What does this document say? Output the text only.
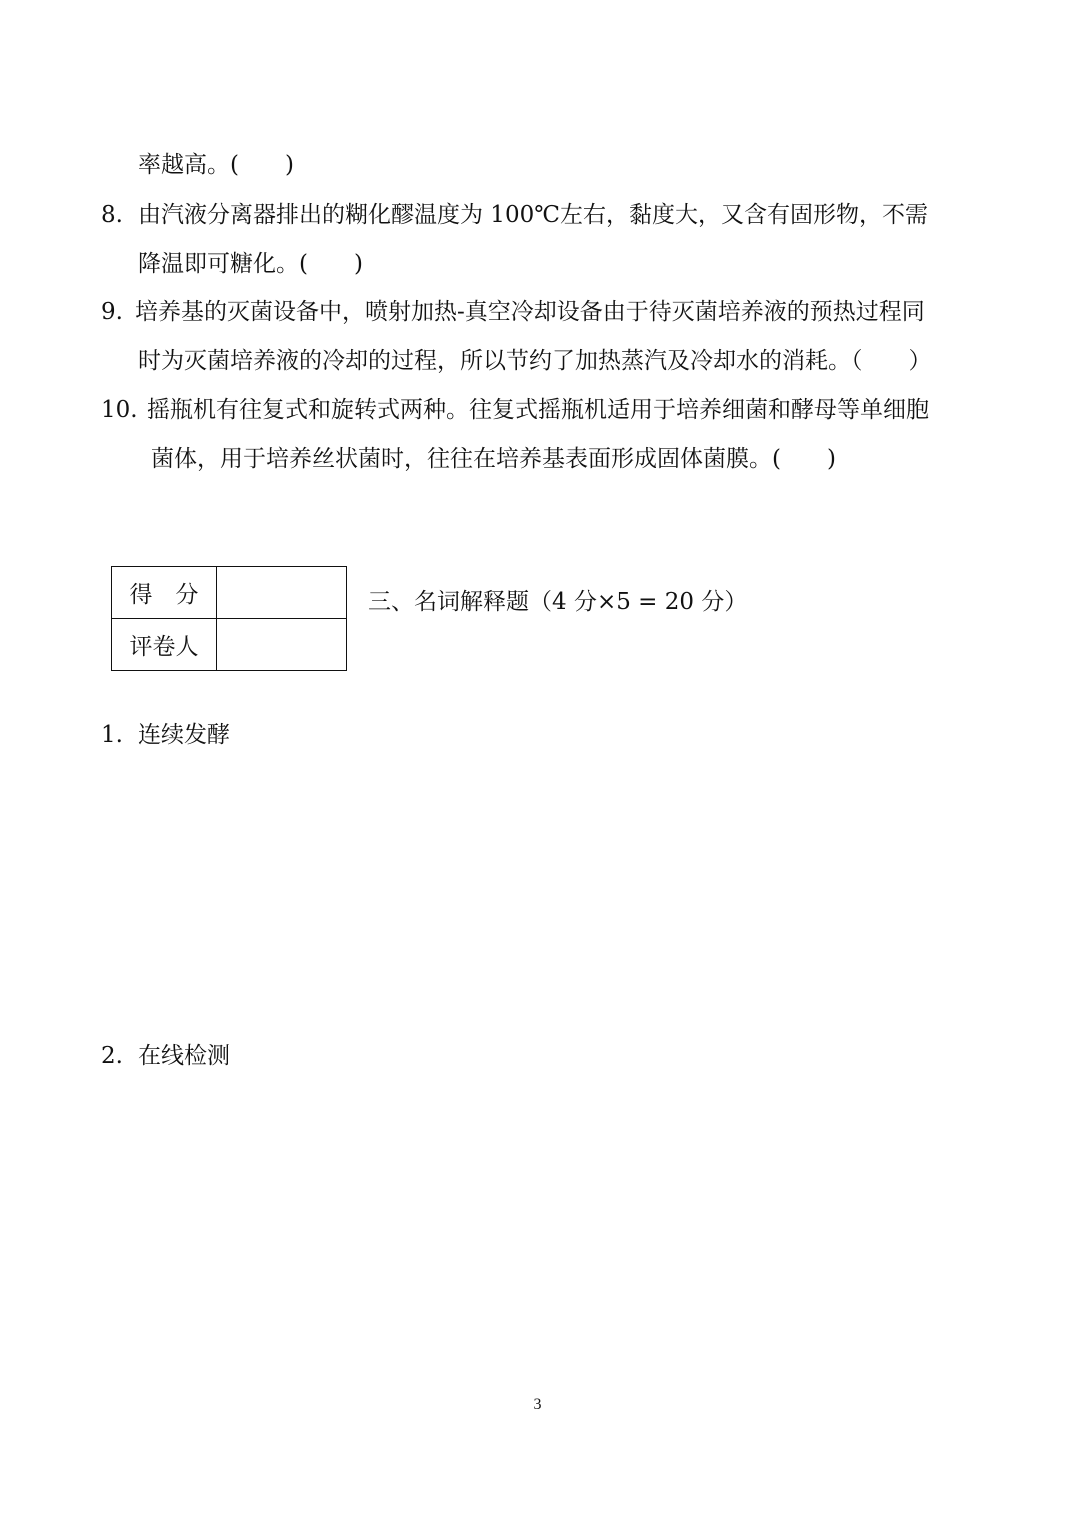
率越高。(　　)

8. 由汽液分离器排出的糊化醪温度为 100℃左右，黏度大，又含有固形物，不需

降温即可糖化。(　　)

9. 培养基的灭菌设备中，喷射加热-真空冷却设备由于待灭菌培养液的预热过程同

时为灭菌培养液的冷却的过程，所以节约了加热蒸汽及冷却水的消耗。（　　）

10. 摇瓶机有往复式和旋转式两种。往复式摇瓶机适用于培养细菌和酵母等单细胞

菌体，用于培养丝状菌时，往往在培养基表面形成固体菌膜。(　　)

得　分	
评卷人	

三、名词解释题（4 分×5 = 20 分）

1. 连续发酵

2. 在线检测

3
